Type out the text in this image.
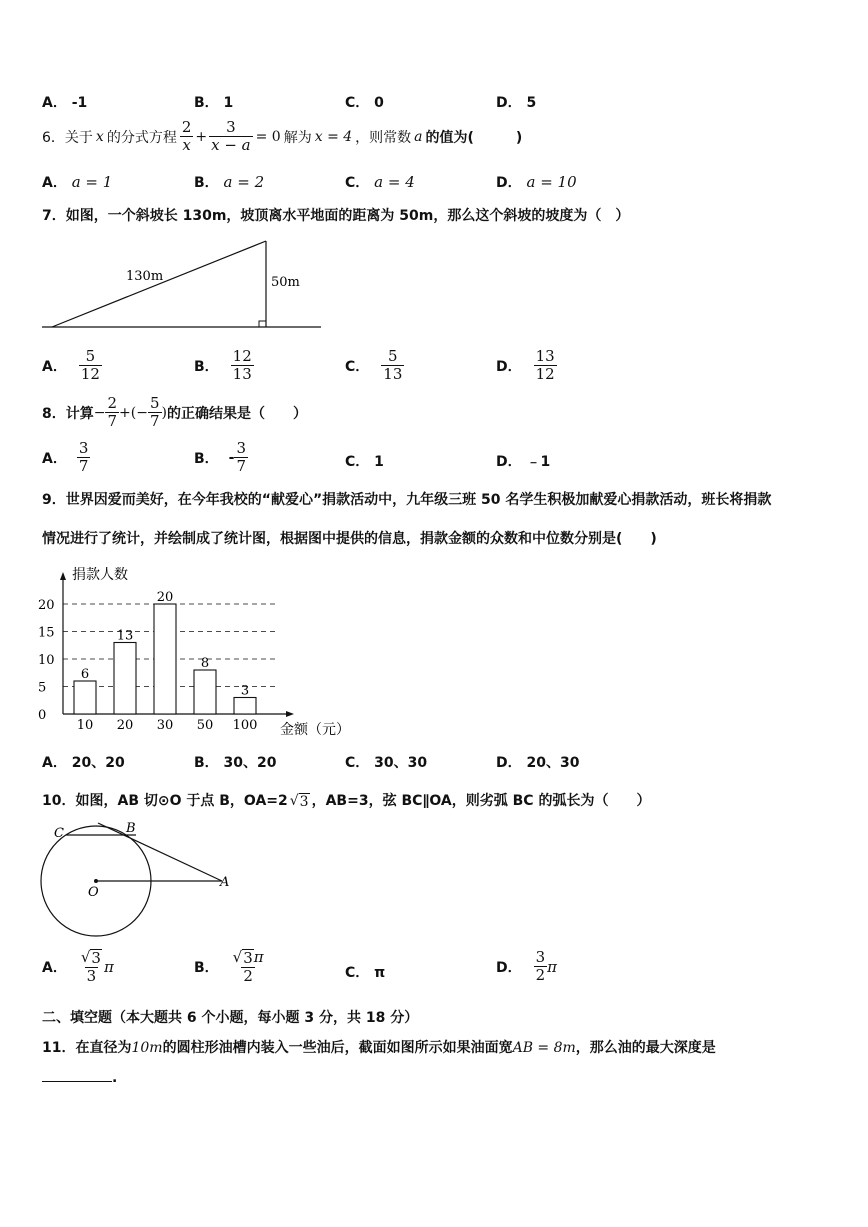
A． -1	B． 1	C． 0	D． 5
6．关于 x 的分式方程 $\frac{2}{x} + \frac{3}{x - a} = 0$ 解为 x = 4 ，则常数 a 的值为(　　　)
A． a = 1	B． a = 2	C． a = 4	D． a = 10
7．如图，一个斜坡长 130m，坡顶离水平地面的距离为 50m，那么这个斜坡的坡度为（　）
130m	50m
A． $\frac{5}{12}$	B． $\frac{12}{13}$	C． $\frac{5}{13}$	D． $\frac{13}{12}$
8．计算 − $\frac{2}{7}$ +(− $\frac{5}{7}$ ) 的正确结果是（　　）
A． $\frac{3}{7}$	B． - $\frac{3}{7}$	C． 1	D． ﹣1
9．世界因爱而美好，在今年我校的“献爱心”捐款活动中，九年级三班 50 名学生积极加献爱心捐款活动，班长将捐款
情况进行了统计，并绘制成了统计图，根据图中提供的信息，捐款金额的众数和中位数分别是(　　)
捐款人数
金额（元）
0
5
10
15
20
6
10
13
20
20
30
8
50
3
100
A． 20、20	B． 30、20	C． 30、30	D． 20、30
10．如图，AB 切⊙O 于点 B，OA=2 √ 3 ，AB=3，弦 BC∥OA，则劣弧 BC 的弧长为（　　）
C	B
O
A
A． $\frac{√ 3}{3}$ π	B． $\frac{√ 3 \pi}{2}$	C． π	D． $\frac{3}{2}$ π
二、填空题（本大题共 6 个小题，每小题 3 分，共 18 分）
11．在直径为10m的圆柱形油槽内装入一些油后，截面如图所示如果油面宽AB = 8m，那么油的最大深度是
.
